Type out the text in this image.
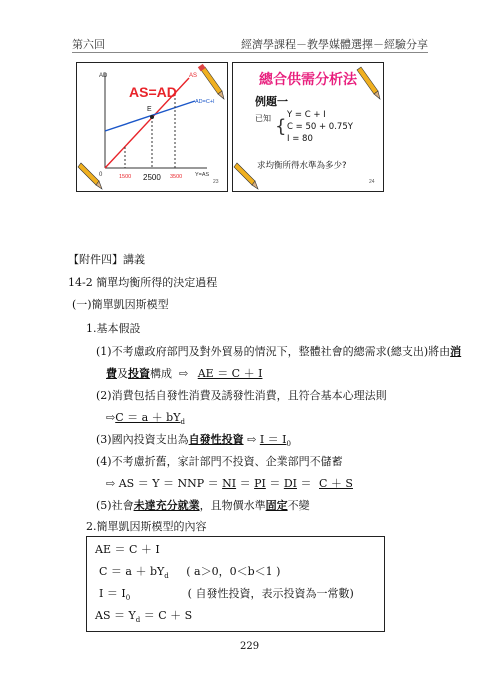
第六回	經濟學課程－教學媒體選擇－經驗分享
AD
AS=AD
AS
AD=C+I
E
0	Y=AS
1500 2500 3500
23	24
總合供需分析法
例題一
已知 {
Y = C + I
C = 50 + 0.75Y
I = 80
求均衡所得水準為多少?
【附件四】講義
14-2 簡單均衡所得的決定過程
(一)簡單凱因斯模型
1.基本假設
(1)不考慮政府部門及對外貿易的情況下，整體社會的總需求(總支出)將由消
費及投資構成 ⇨ AE ＝ C ＋ I
(2)消費包括自發性消費及誘發性消費，且符合基本心理法則
⇨C ＝ $a + bY_d$
(3)國內投資支出為自發性投資 ⇨ $I = I_0$
(4)不考慮折舊，家計部門不投資、企業部門不儲蓄
⇨ AS ＝ Y ＝ NNP ＝ NI ＝ PI ＝ DI ＝ C ＋ S
(5)社會未達充分就業，且物價水準固定不變
2.簡單凱因斯模型的內容
AE ＝ C ＋ I
$C = a + bY_d$ ( a＞0，0＜b＜1 )
$I = I_0$	( 自發性投資，表示投資為一常數)
AS ＝ $Y_d = C + S$
229
